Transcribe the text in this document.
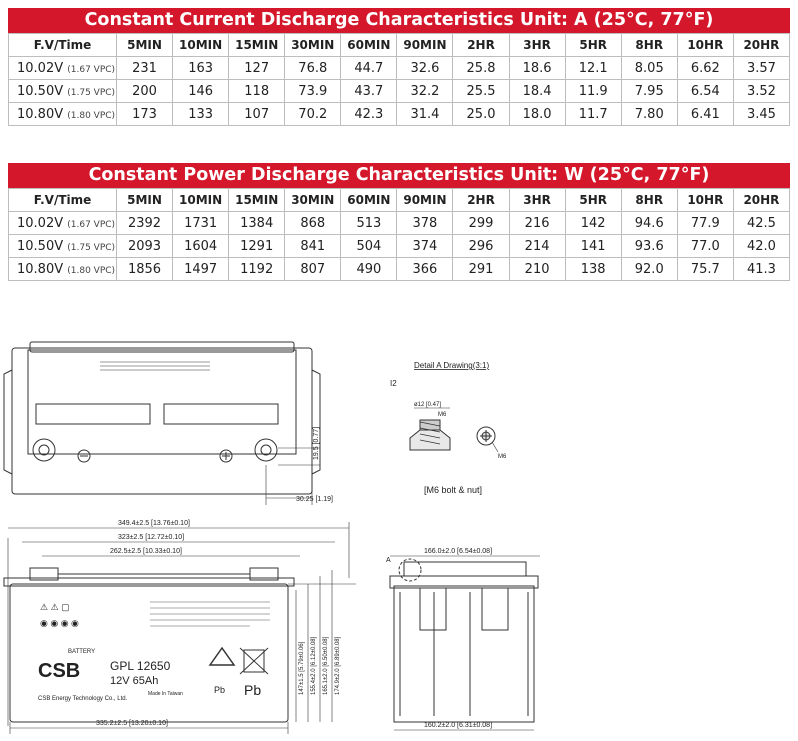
Constant Current Discharge Characteristics Unit: A (25°C, 77°F)
F.V/Time	5MIN	10MIN	15MIN	30MIN	60MIN	90MIN	2HR	3HR	5HR	8HR	10HR	20HR
10.02V (1.67 VPC)	231	163	127	76.8	44.7	32.6	25.8	18.6	12.1	8.05	6.62	3.57
10.50V (1.75 VPC)	200	146	118	73.9	43.7	32.2	25.5	18.4	11.9	7.95	6.54	3.52
10.80V (1.80 VPC)	173	133	107	70.2	42.3	31.4	25.0	18.0	11.7	7.80	6.41	3.45
Constant Power Discharge Characteristics Unit: W (25°C, 77°F)
F.V/Time	5MIN	10MIN	15MIN	30MIN	60MIN	90MIN	2HR	3HR	5HR	8HR	10HR	20HR
10.02V (1.67 VPC)	2392	1731	1384	868	513	378	299	216	142	94.6	77.9	42.5
10.50V (1.75 VPC)	2093	1604	1291	841	504	374	296	214	141	93.6	77.0	42.0
10.80V (1.80 VPC)	1856	1497	1192	807	490	366	291	210	138	92.0	75.7	41.3
19.5 [0.77]
30.25 [1.19]
Detail A Drawing(3:1)
I2
ø12 [0.47]
M6
M6
[M6 bolt & nut]
349.4±2.5 [13.76±0.10]
323±2.5 [12.72±0.10]
262.5±2.5 [10.33±0.10]
⚠ ⚠ ▢
◉ ◉ ◉ ◉
BATTERY
CSB GPL 12650
12V 65Ah
Made In Taiwan
CSB Energy Technology Co., Ltd.
Pb Pb	147±1.5 [5.79±0.06] 155.4±2.0 [6.12±0.08] 165.1±2.0 [6.50±0.08] 174.9±2.0 [6.89±0.08]
335.2±2.5 [13.20±0.10]
166.0±2.0 [6.54±0.08]
A
160.2±2.0 [6.31±0.08]
